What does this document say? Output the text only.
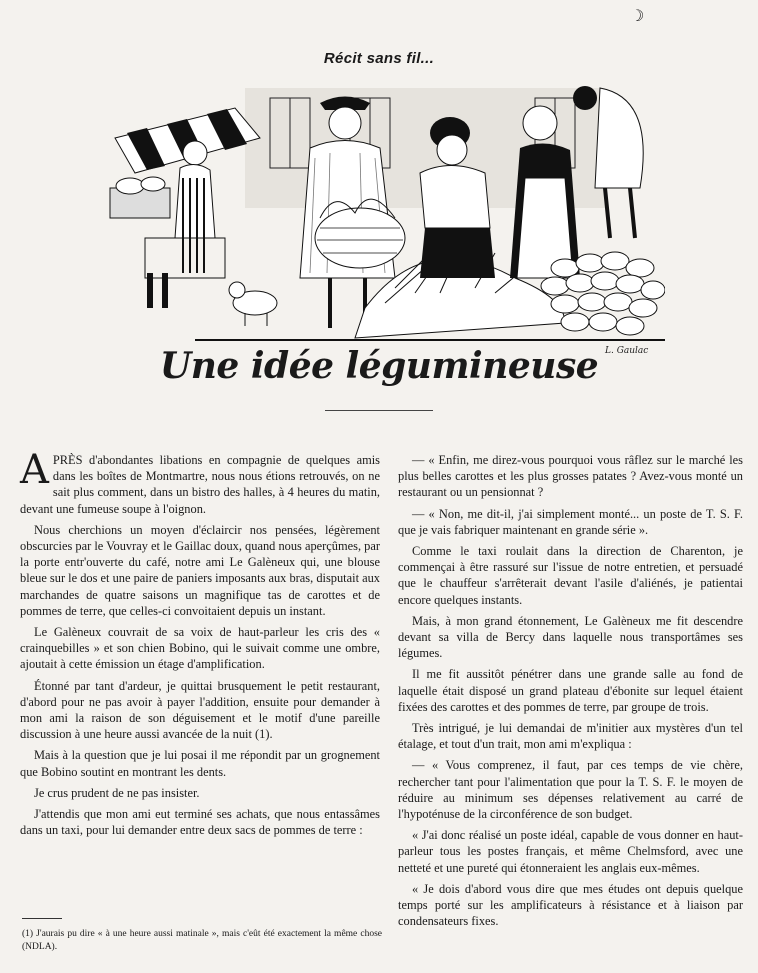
☽
Récit sans fil...
L. Gaulac
Une idée légumineuse

APRÈS d'abondantes libations en compagnie de quelques amis dans les boîtes de Montmartre, nous nous étions retrouvés, on ne sait plus comment, dans un bistro des halles, à 4 heures du matin, devant une fumeuse soupe à l'oignon.

Nous cherchions un moyen d'éclaircir nos pensées, légèrement obscurcies par le Vouvray et le Gaillac doux, quand nous aperçûmes, par la porte entr'ouverte du café, notre ami Le Galèneux qui, une blouse bleue sur le dos et une paire de paniers imposants aux bras, disputait aux marchandes de quatre saisons un magnifique tas de carottes et de pommes de terre, que celles-ci convoitaient depuis un instant.

Le Galèneux couvrait de sa voix de haut-parleur les cris des « crainquebilles » et son chien Bobino, qui le suivait comme une ombre, ajoutait à cette émission un étage d'amplification.

Étonné par tant d'ardeur, je quittai brusquement le petit restaurant, d'abord pour ne pas avoir à payer l'addition, ensuite pour demander à mon ami la raison de son déguisement et le motif d'une pareille discussion à une heure aussi avancée de la nuit (1).

Mais à la question que je lui posai il me répondit par un grognement que Bobino soutint en montrant les dents.

Je crus prudent de ne pas insister.

J'attendis que mon ami eut terminé ses achats, que nous entassâmes dans un taxi, pour lui demander entre deux sacs de pommes de terre :

— « Enfin, me direz-vous pourquoi vous râflez sur le marché les plus belles carottes et les plus grosses patates ? Avez-vous monté un restaurant ou un pensionnat ?

— « Non, me dit-il, j'ai simplement monté... un poste de T. S. F. que je vais fabriquer maintenant en grande série ».

Comme le taxi roulait dans la direction de Charenton, je commençai à être rassuré sur l'issue de notre entretien, et persuadé que le chauffeur s'arrêterait devant l'asile d'aliénés, je patientai encore quelques instants.

Mais, à mon grand étonnement, Le Galèneux me fit descendre devant sa villa de Bercy dans laquelle nous transportâmes ses légumes.

Il me fit aussitôt pénétrer dans une grande salle au fond de laquelle était disposé un grand plateau d'ébonite sur lequel étaient fixées des carottes et des pommes de terre, par groupe de trois.

Très intrigué, je lui demandai de m'initier aux mystères d'un tel étalage, et tout d'un trait, mon ami m'expliqua :

— « Vous comprenez, il faut, par ces temps de vie chère, rechercher tant pour l'alimentation que pour la T. S. F. le moyen de réduire au minimum ses dépenses relativement au carré de l'hypoténuse de la circonférence de son budget.

« J'ai donc réalisé un poste idéal, capable de vous donner en haut-parleur tous les postes français, et même Chelmsford, avec une netteté et une pureté qui étonneraient les anglais eux-mêmes.

« Je dois d'abord vous dire que mes études ont depuis quelque temps porté sur les amplificateurs à résistance et à liaison par condensateurs fixes.

(1) J'aurais pu dire « à une heure aussi matinale », mais c'eût été exactement la même chose (NDLA).
